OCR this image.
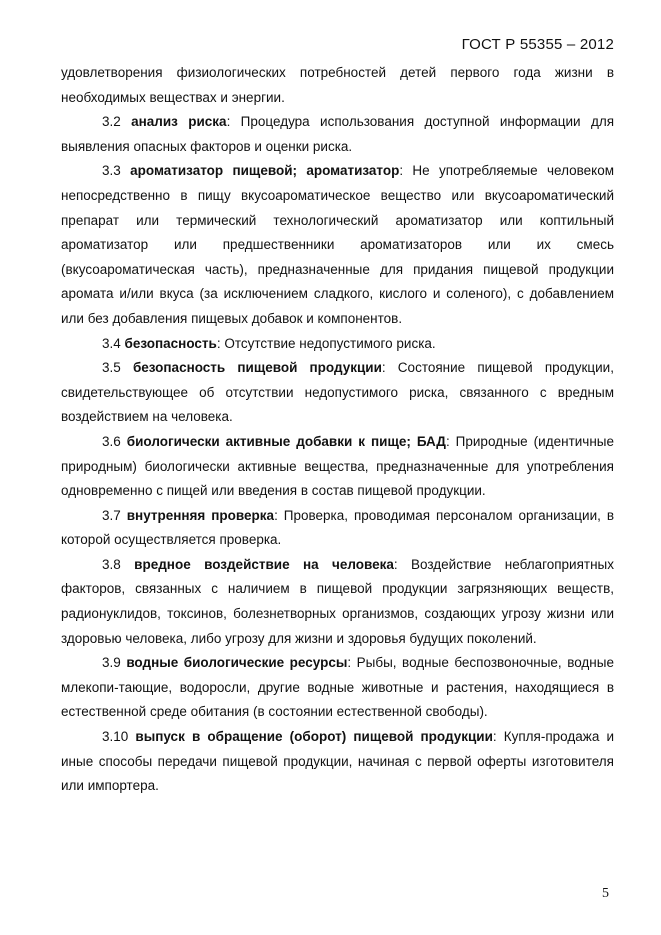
ГОСТ Р 55355 – 2012

удовлетворения физиологических потребностей детей первого года жизни в необходимых веществах и энергии.

3.2 анализ риска: Процедура использования доступной информации для выявления опасных факторов и оценки риска.

3.3 ароматизатор пищевой; ароматизатор: Не употребляемые человеком непосредственно в пищу вкусоароматическое вещество или вкусоароматический препарат или термический технологический ароматизатор или коптильный ароматизатор или предшественники ароматизаторов или их смесь (вкусоароматическая часть), предназначенные для придания пищевой продукции аромата и/или вкуса (за исключением сладкого, кислого и соленого), с добавлением или без добавления пищевых добавок и компонентов.

3.4 безопасность: Отсутствие недопустимого риска.

3.5 безопасность пищевой продукции: Состояние пищевой продукции, свидетельствующее об отсутствии недопустимого риска, связанного с вредным воздействием на человека.

3.6 биологически активные добавки к пище; БАД: Природные (идентичные природным) биологически активные вещества, предназначенные для употребления одновременно с пищей или введения в состав пищевой продукции.

3.7 внутренняя проверка: Проверка, проводимая персоналом организации, в которой осуществляется проверка.

3.8 вредное воздействие на человека: Воздействие неблагоприятных факторов, связанных с наличием в пищевой продукции загрязняющих веществ, радионуклидов, токсинов, болезнетворных организмов, создающих угрозу жизни или здоровью человека, либо угрозу для жизни и здоровья будущих поколений.

3.9 водные биологические ресурсы: Рыбы, водные беспозвоночные, водные млекопи-тающие, водоросли, другие водные животные и растения, находящиеся в естественной среде обитания (в состоянии естественной свободы).

3.10 выпуск в обращение (оборот) пищевой продукции: Купля-продажа и иные способы передачи пищевой продукции, начиная с первой оферты изготовителя или импортера.

5
